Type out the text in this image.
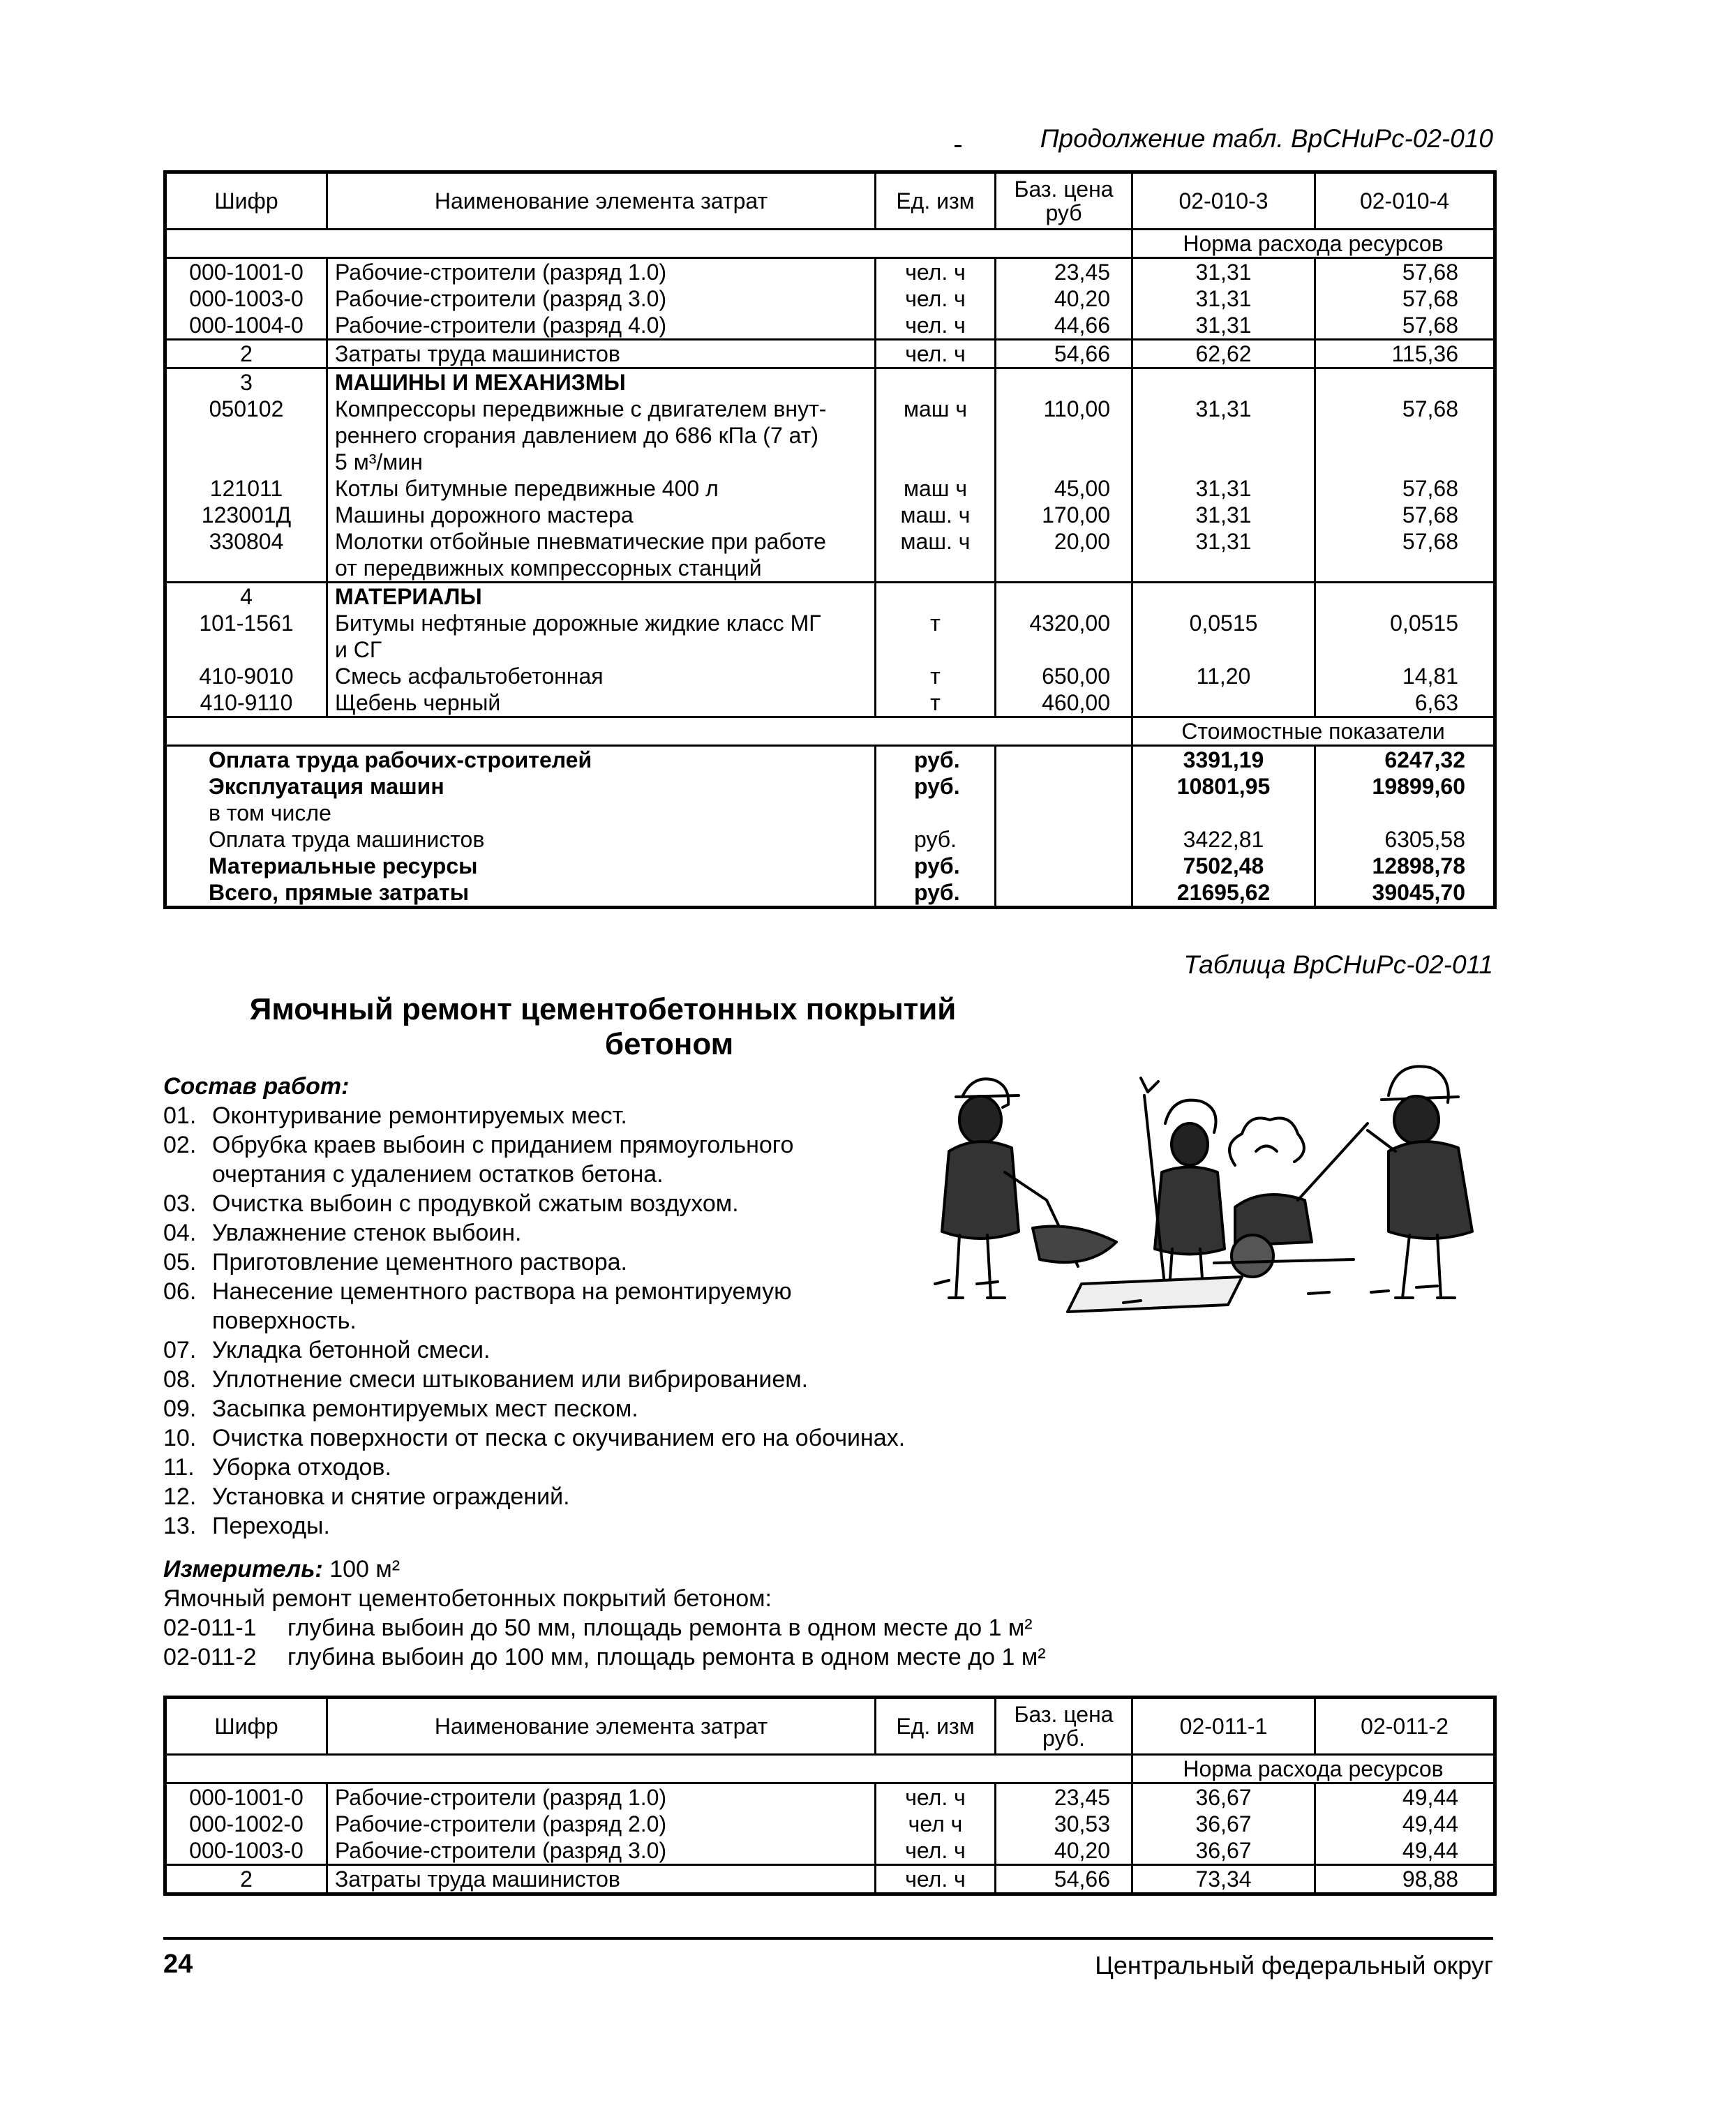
Продолжение табл. ВрСНиРс-02-010
Шифр	Наименование элемента затрат	Ед. изм	Баз. цена руб	02-010-3	02-010-4
				Норма расхода ресурсов	
000-1001-0	Рабочие-строители (разряд 1.0)	чел. ч	23,45	31,31	57,68
000-1003-0	Рабочие-строители (разряд 3.0)	чел. ч	40,20	31,31	57,68
000-1004-0	Рабочие-строители (разряд 4.0)	чел. ч	44,66	31,31	57,68
2	Затраты труда машинистов	чел. ч	54,66	62,62	115,36
3	МАШИНЫ И МЕХАНИЗМЫ				
050102	Компрессоры передвижные с двигателем внут-	маш ч	110,00	31,31	57,68
	реннего сгорания давлением до 686 кПа (7 ат)				
	5 м³/мин				
121011	Котлы битумные передвижные 400 л	маш ч	45,00	31,31	57,68
123001Д	Машины дорожного мастера	маш. ч	170,00	31,31	57,68
330804	Молотки отбойные пневматические при работе	маш. ч	20,00	31,31	57,68
	от передвижных компрессорных станций				
4	МАТЕРИАЛЫ				
101-1561	Битумы нефтяные дорожные жидкие класс МГ	т	4320,00	0,0515	0,0515
	и СГ				
410-9010	Смесь асфальтобетонная	т	650,00	11,20	14,81
410-9110	Щебень черный	т	460,00		6,63
				Стоимостные показатели	
Оплата труда рабочих-строителей		руб.		3391,19	6247,32
Эксплуатация машин		руб.		10801,95	19899,60
в том числе					
Оплата труда машинистов		руб.		3422,81	6305,58
Материальные ресурсы		руб.		7502,48	12898,78
Всего, прямые затраты		руб.		21695,62	39045,70
Таблица ВрСНиРс-02-011
Ямочный ремонт цементобетонных покрытий
бетоном
Состав работ:
01. Оконтуривание ремонтируемых мест.
02. Обрубка краев выбоин с приданием прямоугольного
очертания с удалением остатков бетона.
03. Очистка выбоин с продувкой сжатым воздухом.
04. Увлажнение стенок выбоин.
05. Приготовление цементного раствора.
06. Нанесение цементного раствора на ремонтируемую
поверхность.
07. Укладка бетонной смеси.
08. Уплотнение смеси штыкованием или вибрированием.
09. Засыпка ремонтируемых мест песком.
10. Очистка поверхности от песка с окучиванием его на обочинах.
11. Уборка отходов.
12. Установка и снятие ограждений.
13. Переходы.
Измеритель: 100 м²
Ямочный ремонт цементобетонных покрытий бетоном:
02-011-1 глубина выбоин до 50 мм, площадь ремонта в одном месте до 1 м²
02-011-2 глубина выбоин до 100 мм, площадь ремонта в одном месте до 1 м²
Шифр	Наименование элемента затрат	Ед. изм	Баз. цена руб.	02-011-1	02-011-2
				Норма расхода ресурсов	
000-1001-0	Рабочие-строители (разряд 1.0)	чел. ч	23,45	36,67	49,44
000-1002-0	Рабочие-строители (разряд 2.0)	чел ч	30,53	36,67	49,44
000-1003-0	Рабочие-строители (разряд 3.0)	чел. ч	40,20	36,67	49,44
2	Затраты труда машинистов	чел. ч	54,66	73,34	98,88
24	Центральный федеральный округ
